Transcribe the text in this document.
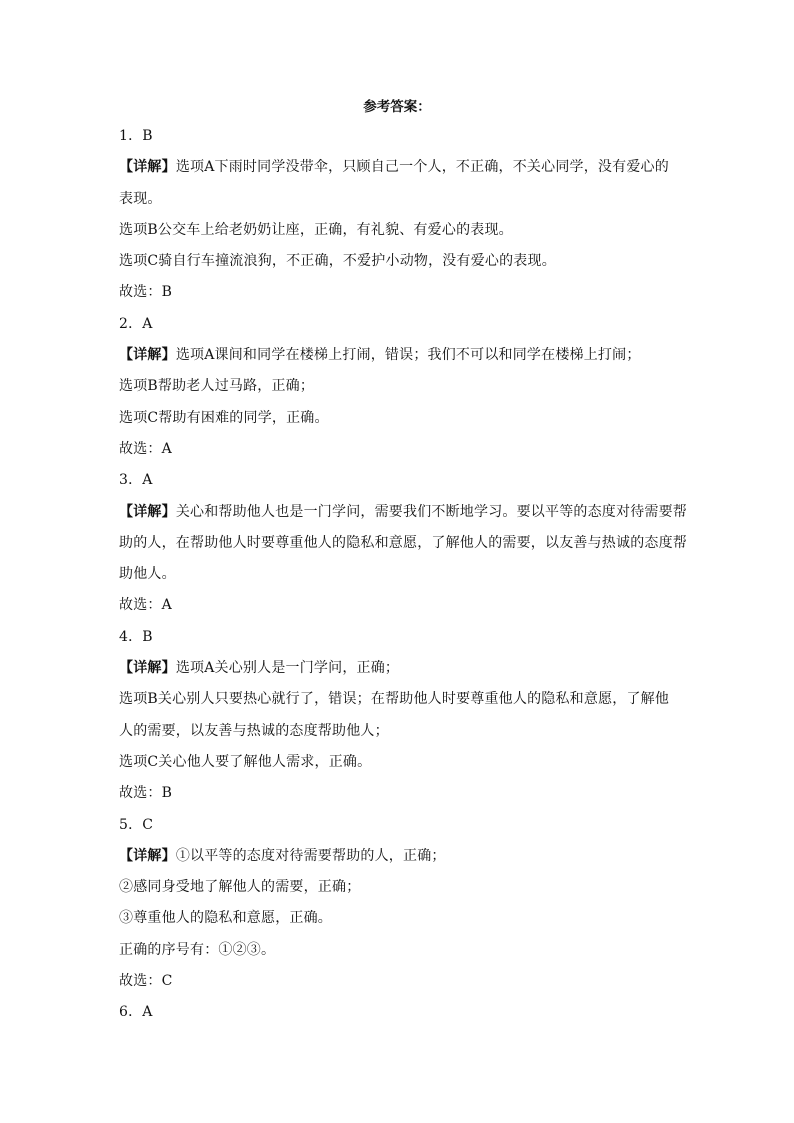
参考答案：
1．B
【详解】选项A下雨时同学没带伞，只顾自己一个人，不正确，不关心同学，没有爱心的
表现。
选项B公交车上给老奶奶让座，正确，有礼貌、有爱心的表现。
选项C骑自行车撞流浪狗，不正确，不爱护小动物，没有爱心的表现。
故选：B
2．A
【详解】选项A课间和同学在楼梯上打闹，错误；我们不可以和同学在楼梯上打闹；
选项B帮助老人过马路，正确；
选项C帮助有困难的同学，正确。
故选：A
3．A
【详解】关心和帮助他人也是一门学问，需要我们不断地学习。要以平等的态度对待需要帮
助的人，在帮助他人时要尊重他人的隐私和意愿，了解他人的需要，以友善与热诚的态度帮
助他人。
故选：A
4．B
【详解】选项A关心别人是一门学问，正确；
选项B关心别人只要热心就行了，错误；在帮助他人时要尊重他人的隐私和意愿，了解他
人的需要，以友善与热诚的态度帮助他人；
选项C关心他人要了解他人需求，正确。
故选：B
5．C
【详解】①以平等的态度对待需要帮助的人，正确；
②感同身受地了解他人的需要，正确；
③尊重他人的隐私和意愿，正确。
正确的序号有：①②③。
故选：C
6．A
